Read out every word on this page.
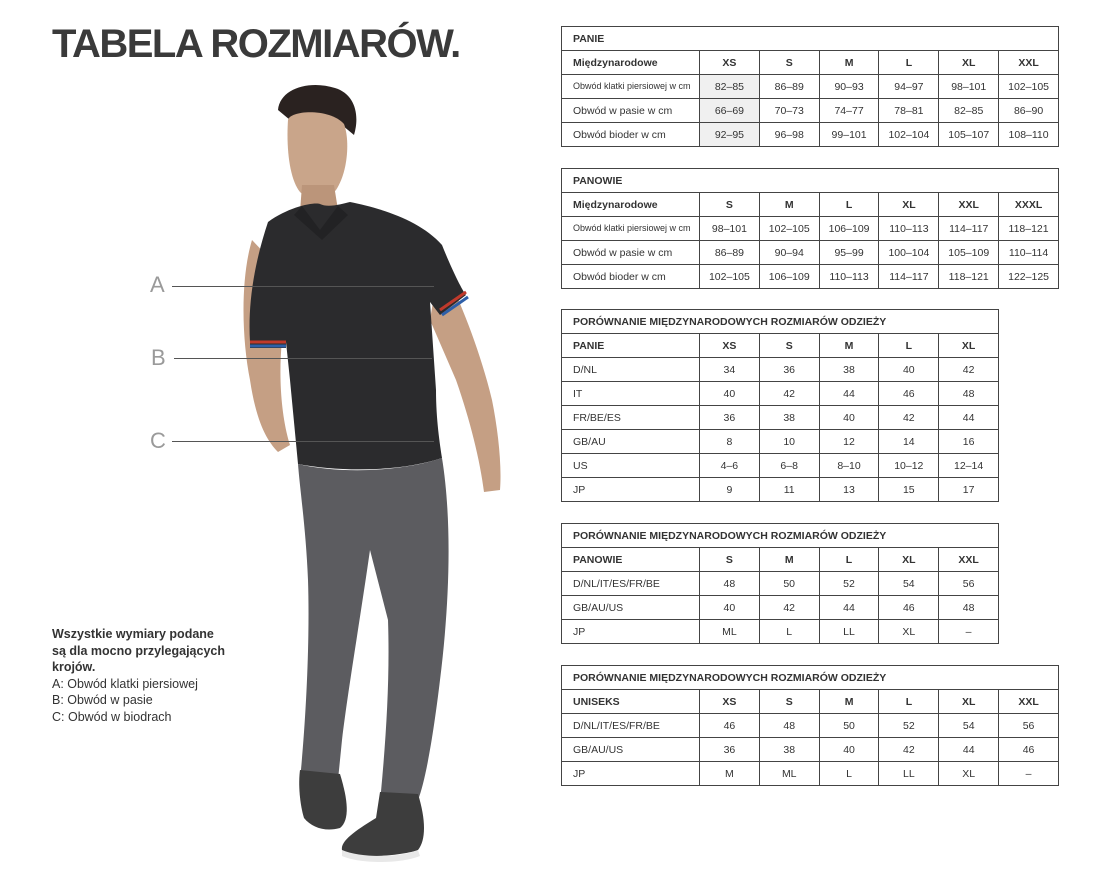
TABELA ROZMIARÓW.
A
B
C
Wszystkie wymiary podane
są dla mocno przylegających
krojów.
A: Obwód klatki piersiowej
B: Obwód w pasie
C: Obwód w biodrach
PANIE						
Międzynarodowe	XS	S	M	L	XL	XXL
Obwód klatki piersiowej w cm	82–85	86–89	90–93	94–97	98–101	102–105
Obwód w pasie w cm	66–69	70–73	74–77	78–81	82–85	86–90
Obwód bioder w cm	92–95	96–98	99–101	102–104	105–107	108–110
PANOWIE						
Międzynarodowe	S	M	L	XL	XXL	XXXL
Obwód klatki piersiowej w cm	98–101	102–105	106–109	110–113	114–117	118–121
Obwód w pasie w cm	86–89	90–94	95–99	100–104	105–109	110–114
Obwód bioder w cm	102–105	106–109	110–113	114–117	118–121	122–125
PORÓWNANIE MIĘDZYNARODOWYCH ROZMIARÓW ODZIEŻY					
PANIE	XS	S	M	L	XL
D/NL	34	36	38	40	42
IT	40	42	44	46	48
FR/BE/ES	36	38	40	42	44
GB/AU	8	10	12	14	16
US	4–6	6–8	8–10	10–12	12–14
JP	9	11	13	15	17
PORÓWNANIE MIĘDZYNARODOWYCH ROZMIARÓW ODZIEŻY					
PANOWIE	S	M	L	XL	XXL
D/NL/IT/ES/FR/BE	48	50	52	54	56
GB/AU/US	40	42	44	46	48
JP	ML	L	LL	XL	–
PORÓWNANIE MIĘDZYNARODOWYCH ROZMIARÓW ODZIEŻY						
UNISEKS	XS	S	M	L	XL	XXL
D/NL/IT/ES/FR/BE	46	48	50	52	54	56
GB/AU/US	36	38	40	42	44	46
JP	M	ML	L	LL	XL	–
